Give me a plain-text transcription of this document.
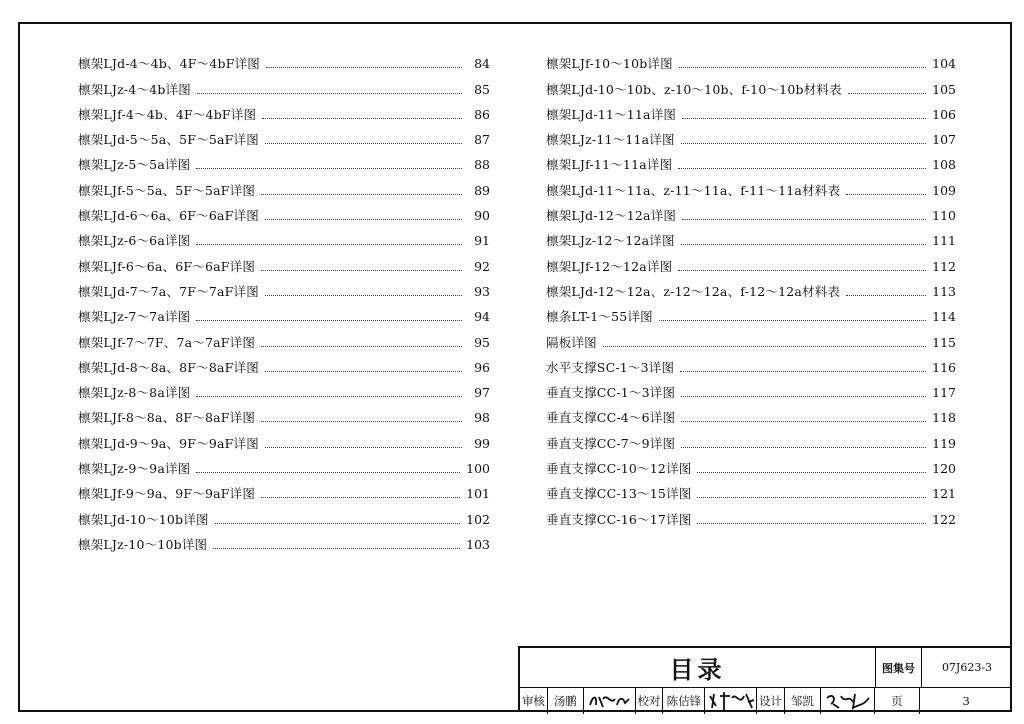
檩架LJd-4～4b、4F～4bF详图	84
檩架LJz-4～4b详图	85
檩架LJf-4～4b、4F～4bF详图	86
檩架LJd-5～5a、5F～5aF详图	87
檩架LJz-5～5a详图	88
檩架LJf-5～5a、5F～5aF详图	89
檩架LJd-6～6a、6F～6aF详图	90
檩架LJz-6～6a详图	91
檩架LJf-6～6a、6F～6aF详图	92
檩架LJd-7～7a、7F～7aF详图	93
檩架LJz-7～7a详图	94
檩架LJf-7～7F、7a～7aF详图	95
檩架LJd-8～8a、8F～8aF详图	96
檩架LJz-8～8a详图	97
檩架LJf-8～8a、8F～8aF详图	98
檩架LJd-9～9a、9F～9aF详图	99
檩架LJz-9～9a详图	100
檩架LJf-9～9a、9F～9aF详图	101
檩架LJd-10～10b详图	102
檩架LJz-10～10b详图	103
檩架LJf-10～10b详图	104
檩架LJd-10～10b、z-10～10b、f-10～10b材料表	105
檩架LJd-11～11a详图	106
檩架LJz-11～11a详图	107
檩架LJf-11～11a详图	108
檩架LJd-11～11a、z-11～11a、f-11～11a材料表	109
檩架LJd-12～12a详图	110
檩架LJz-12～12a详图	111
檩架LJf-12～12a详图	112
檩架LJd-12～12a、z-12～12a、f-12～12a材料表	113
檩条LT-1～55详图	114
隔板详图	115
水平支撑SC-1～3详图	116
垂直支撑CC-1～3详图	117
垂直支撑CC-4～6详图	118
垂直支撑CC-7～9详图	119
垂直支撑CC-10～12详图	120
垂直支撑CC-13～15详图	121
垂直支撑CC-16～17详图	122
目录	图集号	07J623-3
审核 汤鹏	校对 陈佶锋	设计 邹凯	页	3
